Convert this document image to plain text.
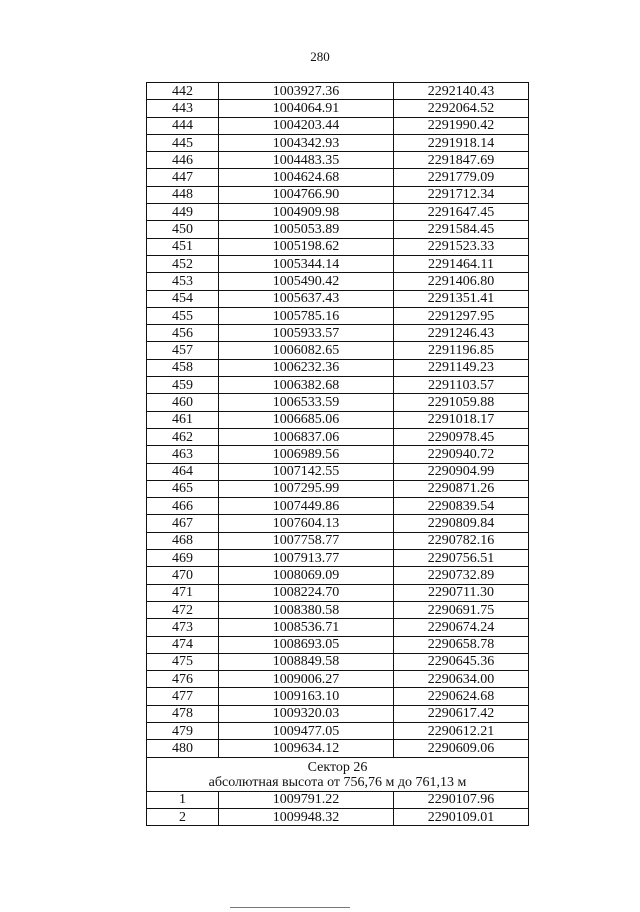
280
442	1003927.36	2292140.43
443	1004064.91	2292064.52
444	1004203.44	2291990.42
445	1004342.93	2291918.14
446	1004483.35	2291847.69
447	1004624.68	2291779.09
448	1004766.90	2291712.34
449	1004909.98	2291647.45
450	1005053.89	2291584.45
451	1005198.62	2291523.33
452	1005344.14	2291464.11
453	1005490.42	2291406.80
454	1005637.43	2291351.41
455	1005785.16	2291297.95
456	1005933.57	2291246.43
457	1006082.65	2291196.85
458	1006232.36	2291149.23
459	1006382.68	2291103.57
460	1006533.59	2291059.88
461	1006685.06	2291018.17
462	1006837.06	2290978.45
463	1006989.56	2290940.72
464	1007142.55	2290904.99
465	1007295.99	2290871.26
466	1007449.86	2290839.54
467	1007604.13	2290809.84
468	1007758.77	2290782.16
469	1007913.77	2290756.51
470	1008069.09	2290732.89
471	1008224.70	2290711.30
472	1008380.58	2290691.75
473	1008536.71	2290674.24
474	1008693.05	2290658.78
475	1008849.58	2290645.36
476	1009006.27	2290634.00
477	1009163.10	2290624.68
478	1009320.03	2290617.42
479	1009477.05	2290612.21
480	1009634.12	2290609.06

Сектор 26
абсолютная высота от 756,76 м до 761,13 м		

1	1009791.22	2290107.96
2	1009948.32	2290109.01
